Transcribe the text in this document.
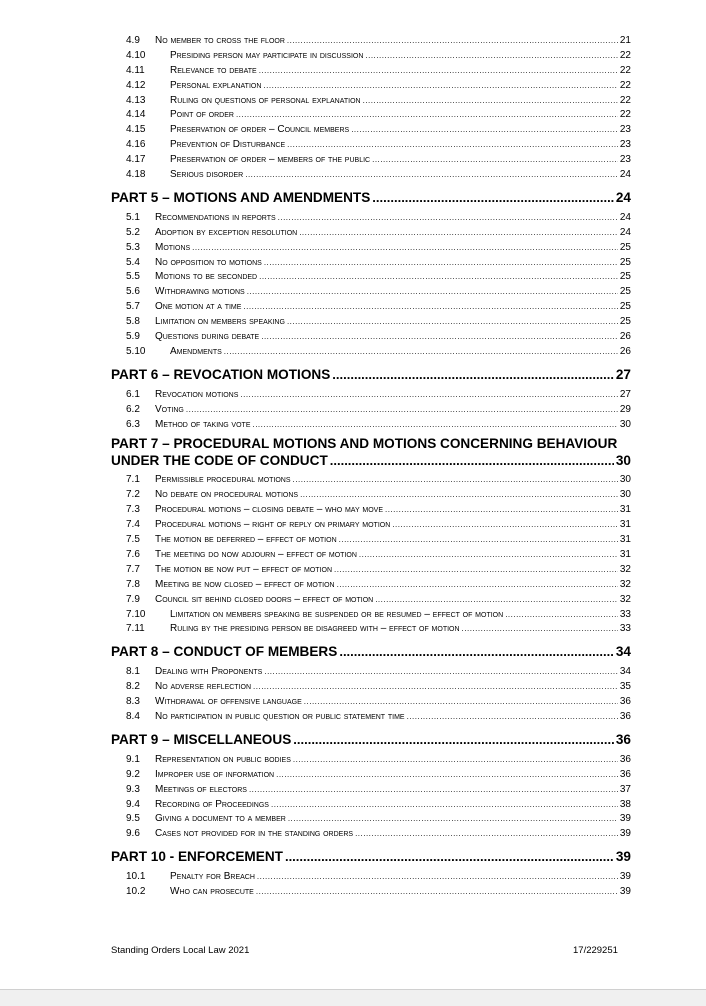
4.9	No member to cross the floor .....	21
4.10	Presiding person may participate in discussion .....	22
4.11	Relevance to debate .....	22
4.12	Personal explanation .....	22
4.13	Ruling on questions of personal explanation .....	22
4.14	Point of order .....	22
4.15	Preservation of order – Council members .....	23
4.16	Prevention of Disturbance .....	23
4.17	Preservation of order – members of the public .....	23
4.18	Serious disorder .....	24
PART 5 – MOTIONS AND AMENDMENTS .....	24
5.1	Recommendations in reports .....	24
5.2	Adoption by exception resolution .....	24
5.3	Motions .....	25
5.4	No opposition to motions .....	25
5.5	Motions to be seconded .....	25
5.6	Withdrawing motions .....	25
5.7	One motion at a time .....	25
5.8	Limitation on members speaking .....	25
5.9	Questions during debate .....	26
5.10	Amendments .....	26
PART 6 – REVOCATION MOTIONS .....	27
6.1	Revocation motions .....	27
6.2	Voting .....	29
6.3	Method of taking vote .....	30
PART 7 – PROCEDURAL MOTIONS AND MOTIONS CONCERNING BEHAVIOUR
UNDER THE CODE OF CONDUCT .....	30
7.1	Permissible procedural motions .....	30
7.2	No debate on procedural motions .....	30
7.3	Procedural motions – closing debate – who may move .....	31
7.4	Procedural motions – right of reply on primary motion .....	31
7.5	The motion be deferred – effect of motion .....	31
7.6	The meeting do now adjourn – effect of motion .....	31
7.7	The motion be now put – effect of motion .....	32
7.8	Meeting be now closed – effect of motion .....	32
7.9	Council sit behind closed doors – effect of motion .....	32
7.10	Limitation on members speaking be suspended or be resumed – effect of motion .....	33
7.11	Ruling by the presiding person be disagreed with – effect of motion .....	33
PART 8 – CONDUCT OF MEMBERS .....	34
8.1	Dealing with Proponents .....	34
8.2	No adverse reflection .....	35
8.3	Withdrawal of offensive language .....	36
8.4	No participation in public question or public statement time .....	36
PART 9 – MISCELLANEOUS .....	36
9.1	Representation on public bodies .....	36
9.2	Improper use of information .....	36
9.3	Meetings of electors .....	37
9.4	Recording of Proceedings .....	38
9.5	Giving a document to a member .....	39
9.6	Cases not provided for in the standing orders .....	39
PART 10 - ENFORCEMENT .....	39
10.1	Penalty for Breach .....	39
10.2	Who can prosecute .....	39
Standing Orders Local Law 2021	17/229251
